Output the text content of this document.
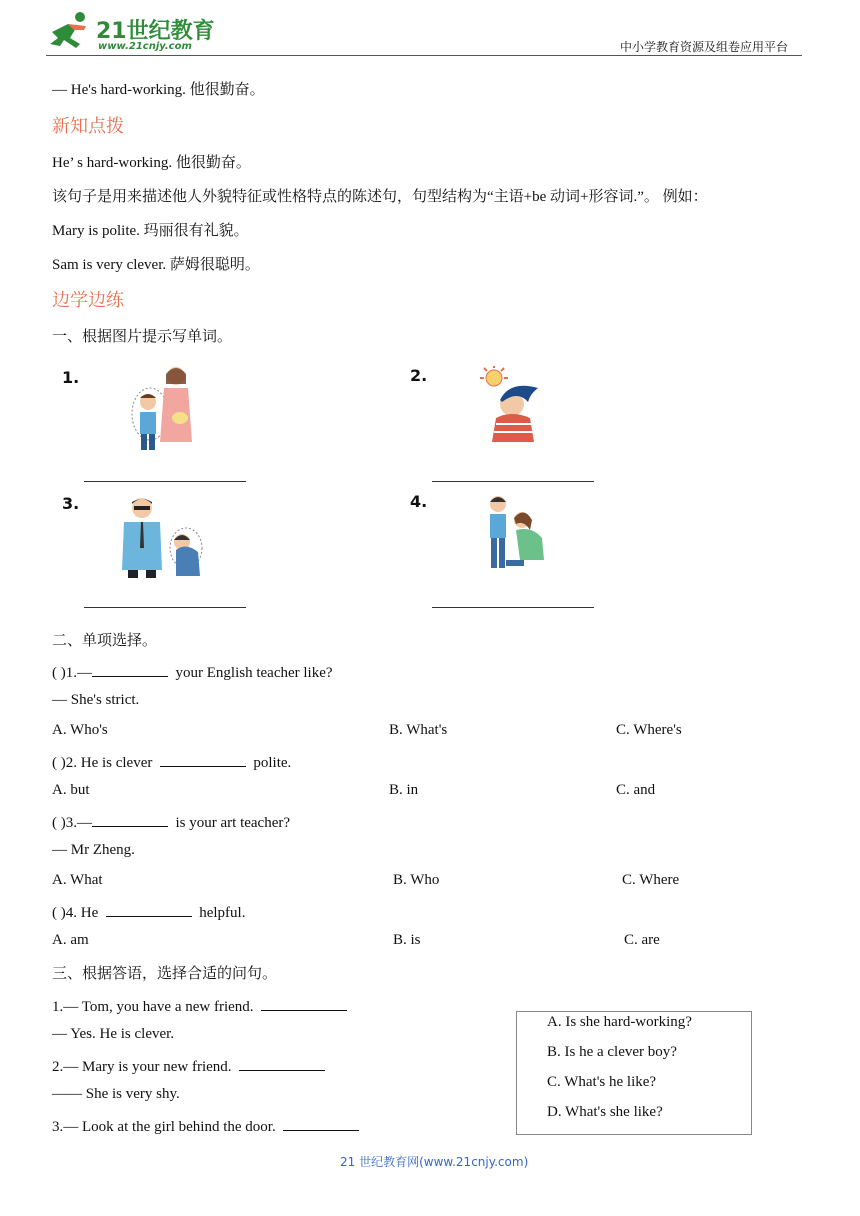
21世纪教育
www.21cnjy.com	中小学教育资源及组卷应用平台
— He's hard-working. 他很勤奋。
新知点拨
He’ s hard-working. 他很勤奋。
该句子是用来描述他人外貌特征或性格特点的陈述句，句型结构为“主语+be 动词+形容词.”。 例如：
Mary is polite. 玛丽很有礼貌。
Sam is very clever. 萨姆很聪明。
边学边练
一、根据图片提示写单词。
1.	2.
3.	4.
二、单项选择。
( )1.—	your English teacher like?
— She's strict.
A. Who's	B. What's	C. Where's
( )2. He is clever	polite.
A. but	B. in	C. and
( )3.—	is your art teacher?
— Mr Zheng.
A. What	B. Who	C. Where
( )4. He	helpful.
A. am	B. is	C. are
三、根据答语，选择合适的问句。
1.— Tom, you have a new friend.
— Yes. He is clever.
2.— Mary is your new friend.
—— She is very shy.
3.— Look at the girl behind the door.
A. Is she hard-working?
B. Is he a clever boy?
C. What's he like?
D. What's she like?
21 世纪教育网(www.21cnjy.com)
